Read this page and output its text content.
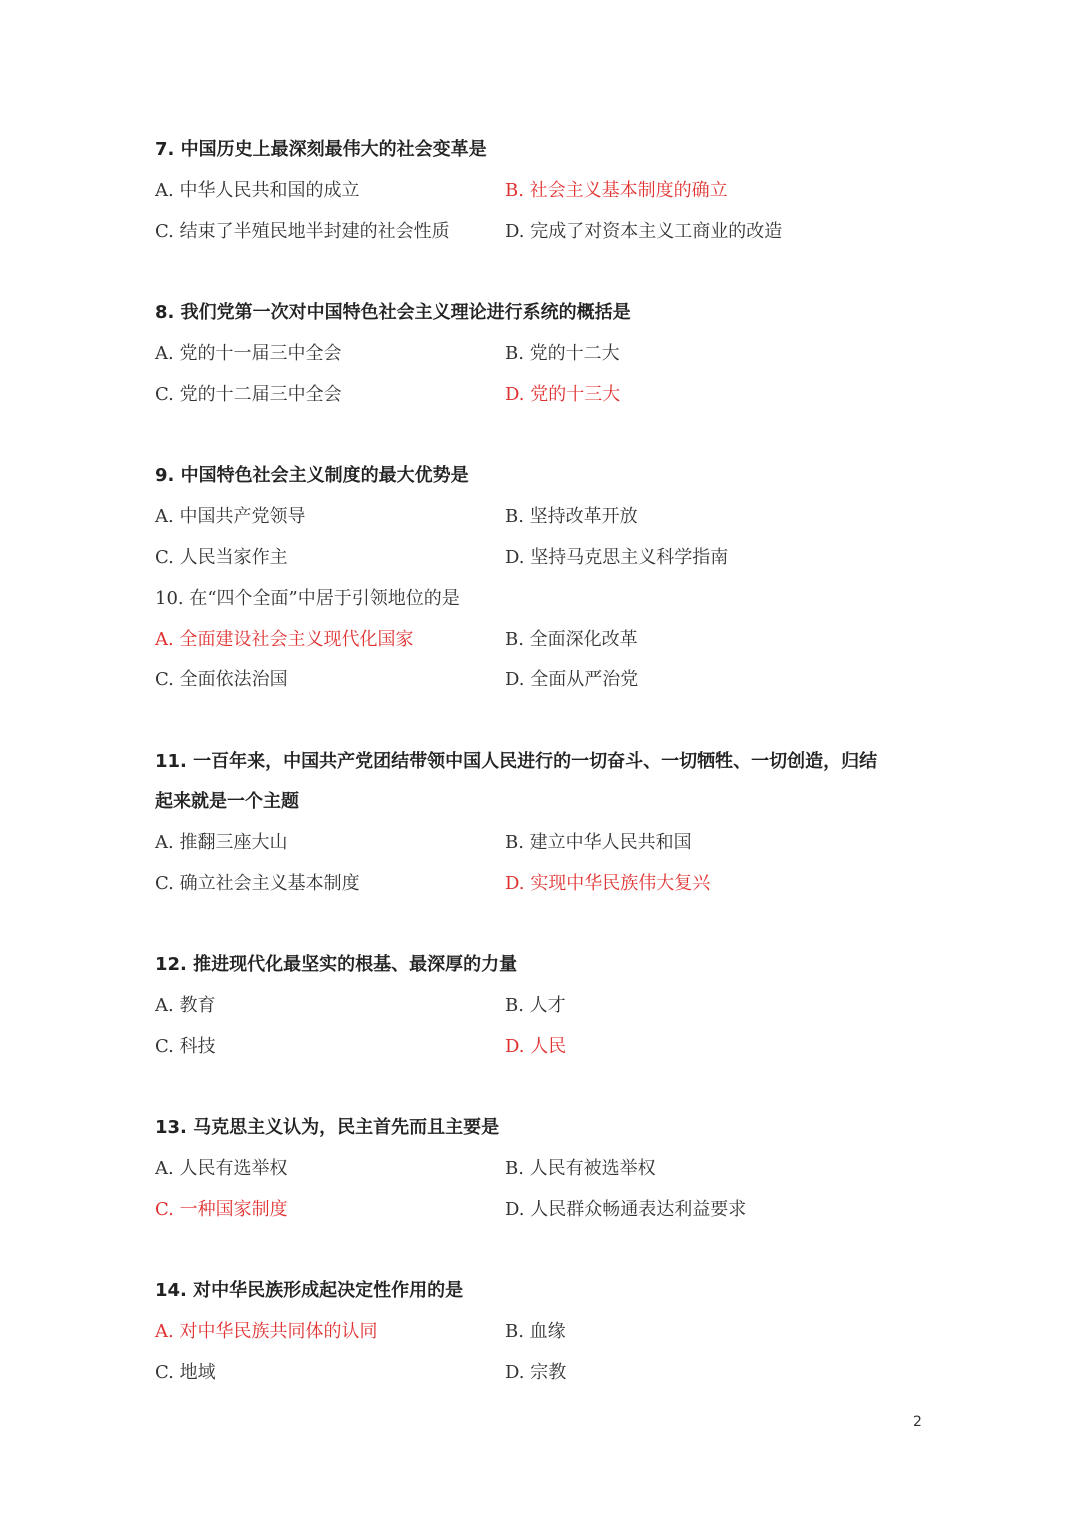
7. 中国历史上最深刻最伟大的社会变革是
A. 中华人民共和国的成立	B. 社会主义基本制度的确立
C. 结束了半殖民地半封建的社会性质	D. 完成了对资本主义工商业的改造
8. 我们党第一次对中国特色社会主义理论进行系统的概括是
A. 党的十一届三中全会	B. 党的十二大
C. 党的十二届三中全会	D. 党的十三大
9. 中国特色社会主义制度的最大优势是
A. 中国共产党领导	B. 坚持改革开放
C. 人民当家作主	D. 坚持马克思主义科学指南
10. 在“四个全面”中居于引领地位的是
A. 全面建设社会主义现代化国家	B. 全面深化改革
C. 全面依法治国	D. 全面从严治党
11. 一百年来，中国共产党团结带领中国人民进行的一切奋斗、一切牺牲、一切创造，归结
起来就是一个主题
A. 推翻三座大山	B. 建立中华人民共和国
C. 确立社会主义基本制度	D. 实现中华民族伟大复兴
12. 推进现代化最坚实的根基、最深厚的力量
A. 教育	B. 人才
C. 科技	D. 人民
13. 马克思主义认为，民主首先而且主要是
A. 人民有选举权	B. 人民有被选举权
C. 一种国家制度	D. 人民群众畅通表达利益要求
14. 对中华民族形成起决定性作用的是
A. 对中华民族共同体的认同	B. 血缘
C. 地域	D. 宗教
2
